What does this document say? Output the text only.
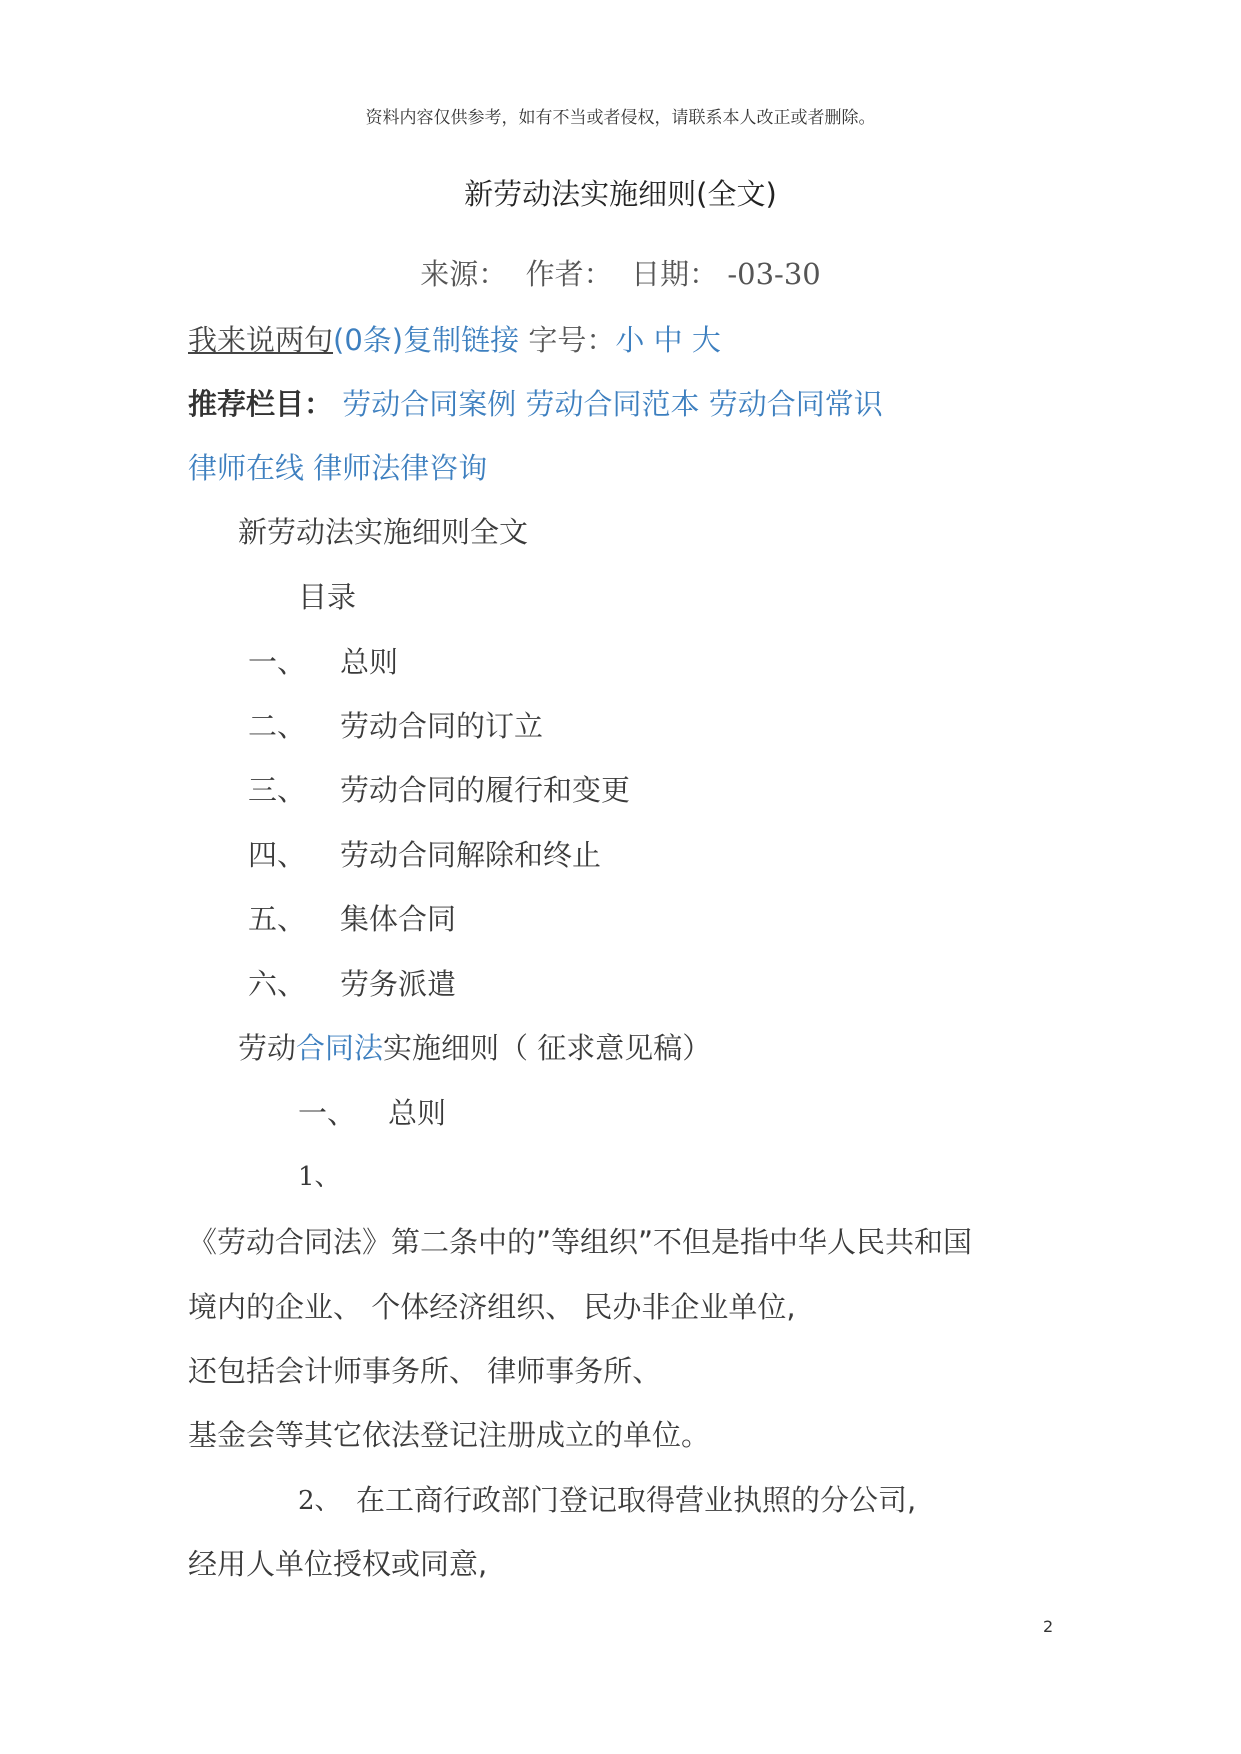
资料内容仅供参考，如有不当或者侵权，请联系本人改正或者删除。
新劳动法实施细则(全文)
来源： 作者： 日期： -03-30
我来说两句(0条)复制链接 字号：小 中 大
推荐栏目： 劳动合同案例 劳动合同范本 劳动合同常识
律师在线 律师法律咨询
新劳动法实施细则全文
目录
一、 总则
二、 劳动合同的订立
三、 劳动合同的履行和变更
四、 劳动合同解除和终止
五、 集体合同
六、 劳务派遣
劳动合同法实施细则（ 征求意见稿）
一、 总则
1、
《劳动合同法》第二条中的”等组织”不但是指中华人民共和国
境内的企业、 个体经济组织、 民办非企业单位,
还包括会计师事务所、 律师事务所、
基金会等其它依法登记注册成立的单位。
2、 在工商行政部门登记取得营业执照的分公司,
经用人单位授权或同意,
2
